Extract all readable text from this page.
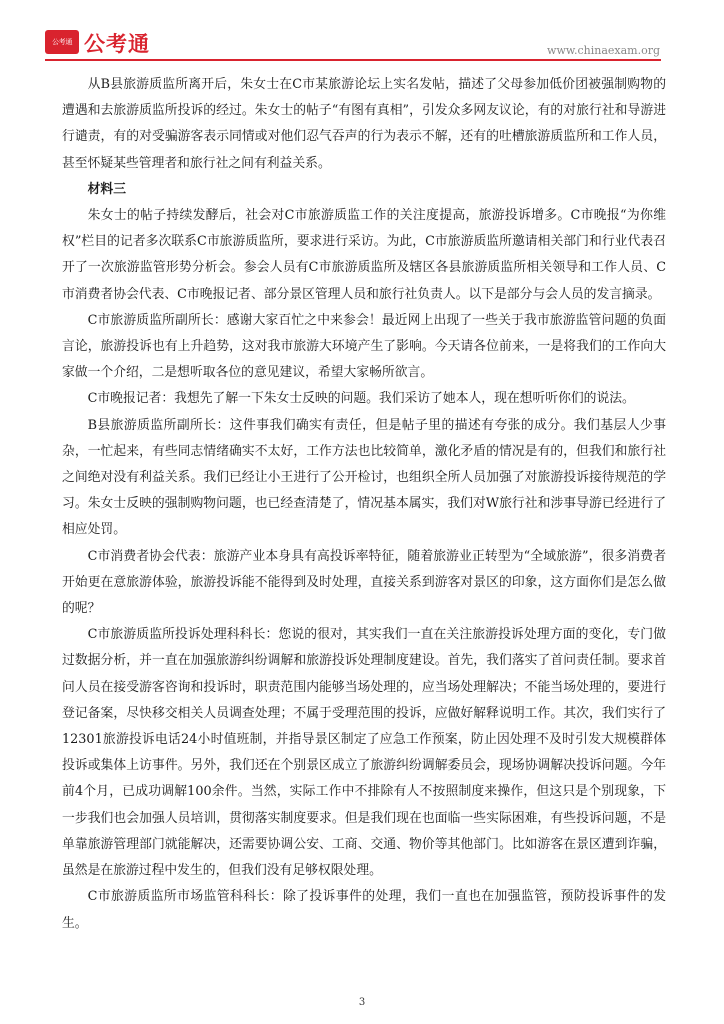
公考通 公考通	www.chinaexam.org

从B县旅游质监所离开后，朱女士在C市某旅游论坛上实名发帖，描述了父母参加低价团被强制购物的遭遇和去旅游质监所投诉的经过。朱女士的帖子“有图有真相”，引发众多网友议论，有的对旅行社和导游进行谴责，有的对受骗游客表示同情或对他们忍气吞声的行为表示不解，还有的吐槽旅游质监所和工作人员，甚至怀疑某些管理者和旅行社之间有利益关系。

材料三

朱女士的帖子持续发酵后，社会对C市旅游质监工作的关注度提高，旅游投诉增多。C市晚报“为你维权”栏目的记者多次联系C市旅游质监所，要求进行采访。为此，C市旅游质监所邀请相关部门和行业代表召开了一次旅游监管形势分析会。参会人员有C市旅游质监所及辖区各县旅游质监所相关领导和工作人员、C市消费者协会代表、C市晚报记者、部分景区管理人员和旅行社负责人。以下是部分与会人员的发言摘录。

C市旅游质监所副所长：感谢大家百忙之中来参会！最近网上出现了一些关于我市旅游监管问题的负面言论，旅游投诉也有上升趋势，这对我市旅游大环境产生了影响。今天请各位前来，一是将我们的工作向大家做一个介绍，二是想听取各位的意见建议，希望大家畅所欲言。

C市晚报记者：我想先了解一下朱女士反映的问题。我们采访了她本人，现在想听听你们的说法。

B县旅游质监所副所长：这件事我们确实有责任，但是帖子里的描述有夸张的成分。我们基层人少事杂，一忙起来，有些同志情绪确实不太好，工作方法也比较简单，激化矛盾的情况是有的，但我们和旅行社之间绝对没有利益关系。我们已经让小王进行了公开检讨，也组织全所人员加强了对旅游投诉接待规范的学习。朱女士反映的强制购物问题，也已经查清楚了，情况基本属实，我们对W旅行社和涉事导游已经进行了相应处罚。

C市消费者协会代表：旅游产业本身具有高投诉率特征，随着旅游业正转型为“全域旅游”，很多消费者开始更在意旅游体验，旅游投诉能不能得到及时处理，直接关系到游客对景区的印象，这方面你们是怎么做的呢？

C市旅游质监所投诉处理科科长：您说的很对，其实我们一直在关注旅游投诉处理方面的变化，专门做过数据分析，并一直在加强旅游纠纷调解和旅游投诉处理制度建设。首先，我们落实了首问责任制。要求首问人员在接受游客咨询和投诉时，职责范围内能够当场处理的，应当场处理解决；不能当场处理的，要进行登记备案，尽快移交相关人员调查处理；不属于受理范围的投诉，应做好解释说明工作。其次，我们实行了12301旅游投诉电话24小时值班制，并指导景区制定了应急工作预案，防止因处理不及时引发大规模群体投诉或集体上访事件。另外，我们还在个别景区成立了旅游纠纷调解委员会，现场协调解决投诉问题。今年前4个月，已成功调解100余件。当然，实际工作中不排除有人不按照制度来操作，但这只是个别现象，下一步我们也会加强人员培训，贯彻落实制度要求。但是我们现在也面临一些实际困难，有些投诉问题，不是单靠旅游管理部门就能解决，还需要协调公安、工商、交通、物价等其他部门。比如游客在景区遭到诈骗，虽然是在旅游过程中发生的，但我们没有足够权限处理。

C市旅游质监所市场监管科科长：除了投诉事件的处理，我们一直也在加强监管，预防投诉事件的发生。

3
